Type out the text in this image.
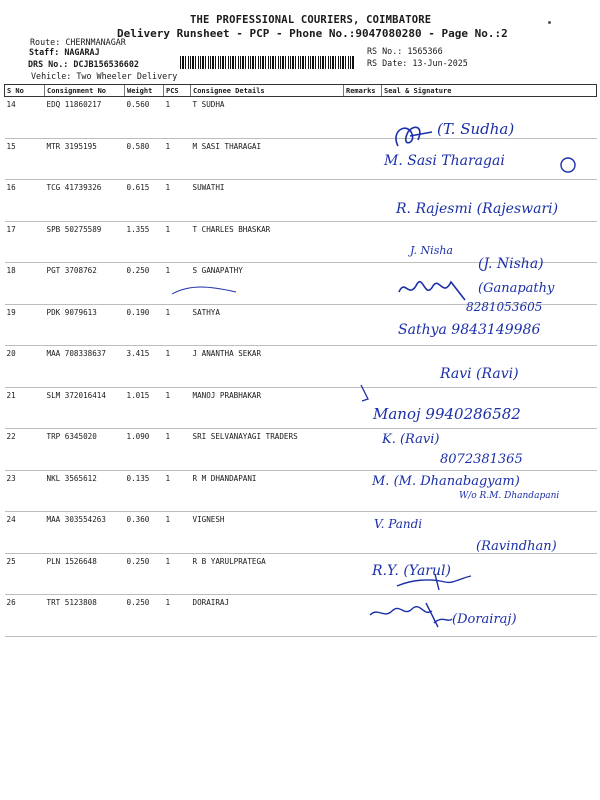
THE PROFESSIONAL COURIERS, COIMBATORE
Delivery Runsheet - PCP - Phone No.:9047080280 - Page No.:2
Route: CHERNMANAGAR
Staff: NAGARAJ
DRS No.: DCJB156536602
Vehicle: Two Wheeler Delivery
RS No.: 1565366
RS Date: 13-Jun-2025
S No	Consignment No	Weight	PCS	Consignee Details	Remarks	Seal & Signature

14	EDQ 11860217	0.560	1	T SUDHA		

15	MTR 3195195	0.580	1	M SASI THARAGAI		

16	TCG 41739326	0.615	1	SUWATHI		

17	SPB 50275589	1.355	1	T CHARLES BHASKAR		

18	PGT 3708762	0.250	1	S GANAPATHY		

19	PDK 9079613	0.190	1	SATHYA		

20	MAA 708338637	3.415	1	J ANANTHA SEKAR		

21	SLM 372016414	1.015	1	MANOJ PRABHAKAR		

22	TRP 6345020	1.090	1	SRI SELVANAYAGI TRADERS		

23	NKL 3565612	0.135	1	R M DHANDAPANI		

24	MAA 303554263	0.360	1	VIGNESH		

25	PLN 1526648	0.250	1	R B YARULPRATEGA		

26	TRT 5123808	0.250	1	DORAIRAJ		

(T. Sudha)
M. Sasi Tharagai
R. Rajesmi (Rajeswari)
J. Nisha
(J. Nisha)
(Ganapathy
8281053605
Sathya 9843149986
Ravi (Ravi)
Manoj 9940286582
K. (Ravi)
8072381365
M. (M. Dhanabagyam)
W/o R.M. Dhandapani
V. Pandi
(Ravindhan)
R.Y. (Yarul)
(Dorairaj)
